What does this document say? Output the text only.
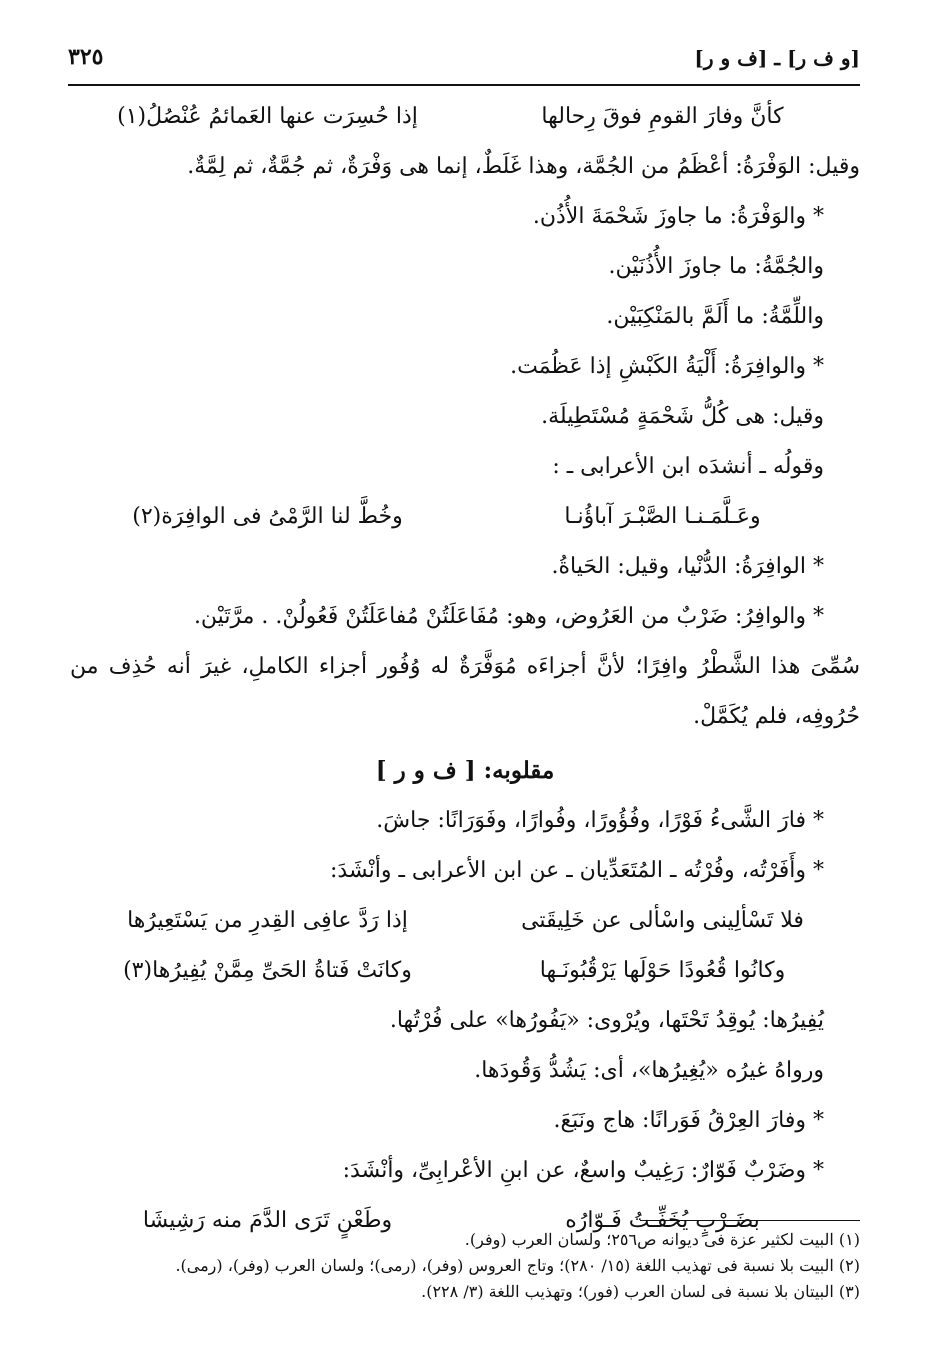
[و ف ر] ـ [ف و ر]
٣٢٥
كأنَّ وفارَ القومِ فوقَ رِحالها
إذا حُسِرَت عنها العَمائمُ عُنْصُلُ(١)
وقيل: الوَفْرَةُ: أعْظَمُ من الجُمَّة، وهذا غَلَطٌ، إنما هى وَفْرَةٌ، ثم جُمَّةٌ، ثم لِمَّةٌ.
* والوَفْرَةُ: ما جاوزَ شَحْمَةَ الأُذُن.
والجُمَّةُ: ما جاوزَ الأُذُنَيْن.
واللِّمَّةُ: ما أَلَمَّ بالمَنْكِبَيْن.
* والوافِرَةُ: أَلْيَةُ الكَبْشِ إذا عَظُمَت.
وقيل: هى كُلُّ شَحْمَةٍ مُسْتَطِيلَة.
وقولُه ـ أنشدَه ابن الأعرابى ـ :
وعَـلَّمَـنـا الصَّبْـرَ آباؤُنـا
وخُطَّ لنا الرَّمْىُ فى الوافِرَة(٢)
* الوافِرَةُ: الدُّنْيا، وقيل: الحَياةُ.
* والوافِرُ: ضَرْبٌ من العَرُوض، وهو: مُفَاعَلَتُنْ مُفاعَلَتُنْ فَعُولُنْ. . مرَّتَيْن.
سُمِّىَ هذا الشَّطْرُ وافِرًا؛ لأنَّ أجزاءَه مُوَفَّرَةٌ له وُفُور أجزاء الكاملِ، غيرَ أنه حُذِف من حُرُوفِه، فلم يُكَمَّلْ.
مقلوبه: [ ف و ر ]
* فارَ الشَّىءُ فَوْرًا، وفُؤُورًا، وفُوارًا، وفَوَرَانًا: جاشَ.
* وأَفَرْتُه، وفُرْتُه ـ المُتَعَدِّيان ـ عن ابن الأعرابى ـ وأنْشَدَ:
فلا تَسْألِينى واسْألى عن خَلِيقَتى
إذا رَدَّ عافِى القِدرِ من يَسْتَعِيرُها
وكانُوا قُعُودًا حَوْلَها يَرْقُبُونَـها
وكانَتْ فَتاةُ الحَىِّ مِمَّنْ يُفِيرُها(٣)
يُفِيرُها: يُوقِدُ تَحْتَها، ويُرْوى: «يَفُورُها» على فُرْتُها.
ورواهُ غيرُه «يُغِيرُها»، أى: يَشُدُّ وَقُودَها.
* وفارَ العِرْقُ فَوَرانًا: هاج ونَبَعَ.
* وضَرْبٌ فَوّارٌ: رَغِيبٌ واسعٌ، عن ابنِ الأعْرابِىِّ، وأنْشَدَ:
بضَـرْبٍ يُخَفِّـتُ فَـوّارُه
وطَعْنٍ تَرَى الدَّمَ منه رَشِيشَا
(١) البيت لكثير عزة فى ديوانه ص٢٥٦؛ ولسان العرب (وفر).
(٢) البيت بلا نسبة فى تهذيب اللغة (١٥/ ٢٨٠)؛ وتاج العروس (وفر)، (رمى)؛ ولسان العرب (وفر)، (رمى).
(٣) البيتان بلا نسبة فى لسان العرب (فور)؛ وتهذيب اللغة (٣/ ٢٢٨).
